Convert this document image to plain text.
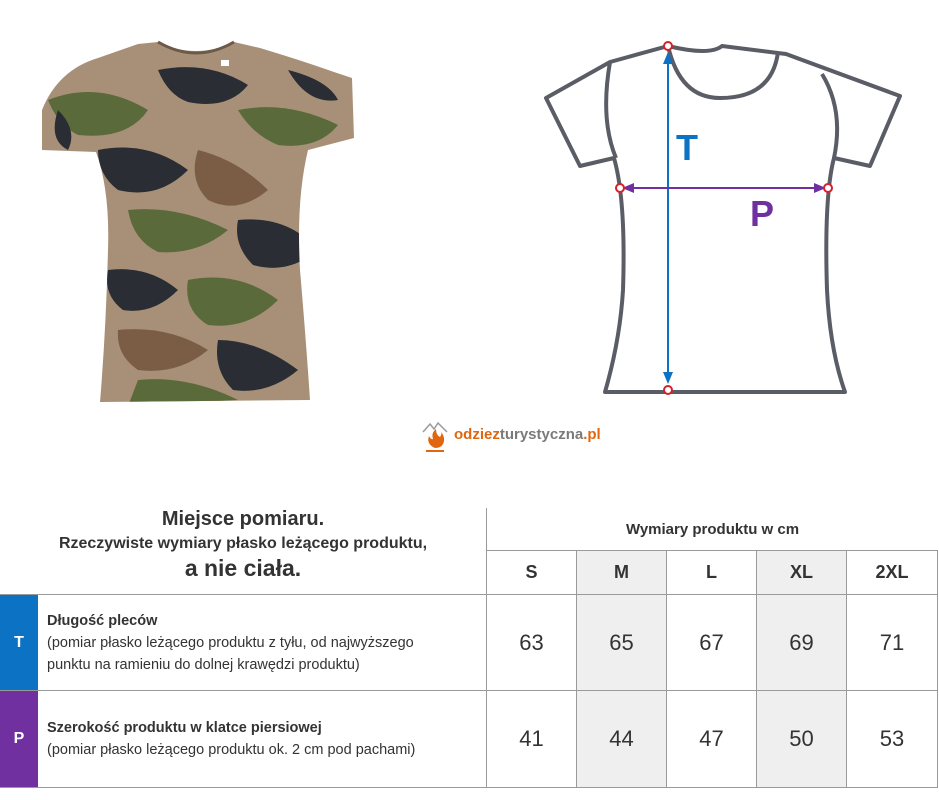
T
P
odziezturystyczna.pl
Miejsce pomiaru.
Rzeczywiste wymiary płasko leżącego produktu,
a nie ciała.
Wymiary produktu w cm
S	M	L	XL	2XL
T
Długość pleców
(pomiar płasko leżącego produktu z tyłu, od najwyższego
punktu na ramieniu do dolnej krawędzi produktu)
63	65	67	69	71
P
Szerokość produktu w klatce piersiowej
(pomiar płasko leżącego produktu ok. 2 cm pod pachami)	41	44	47	50	53
